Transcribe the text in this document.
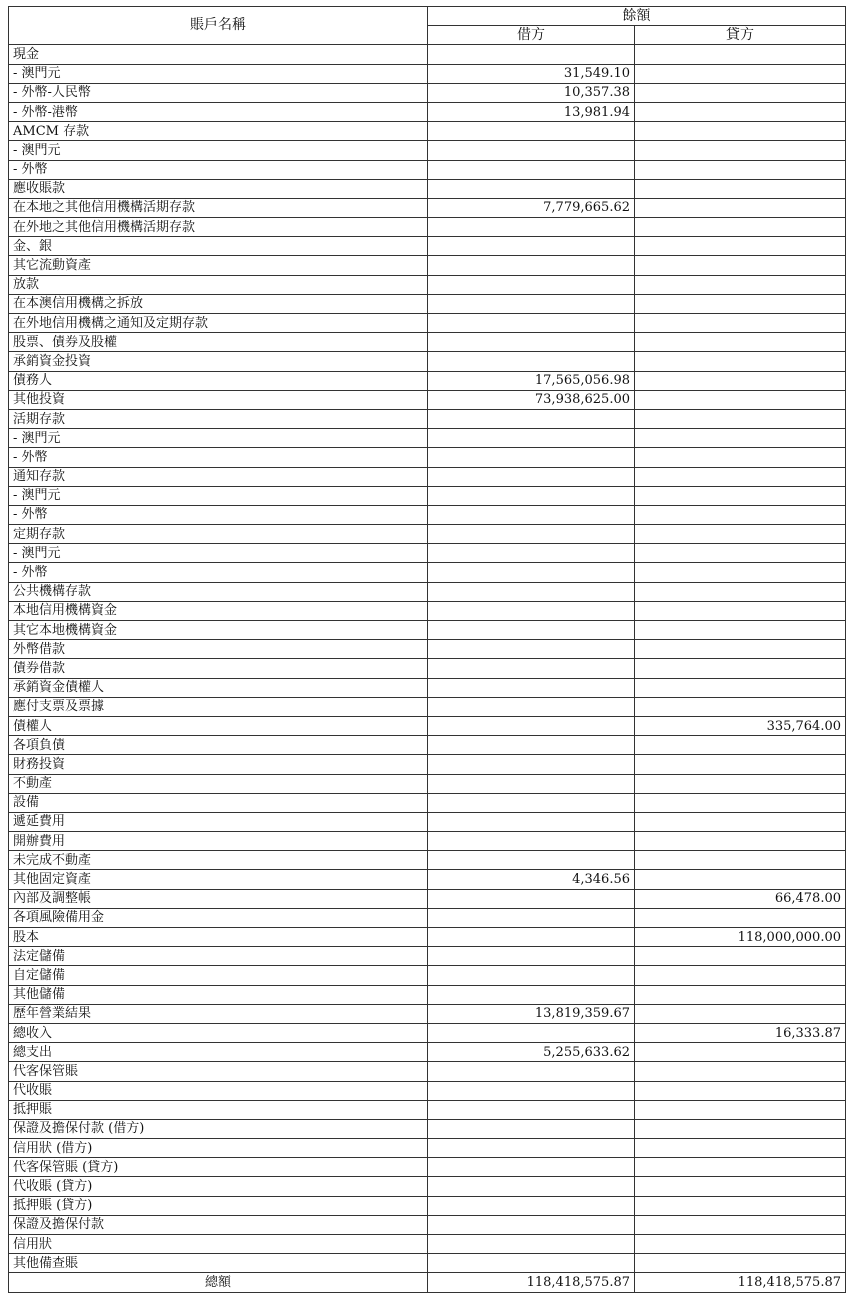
賬戶名稱	餘額	
	借方	貸方
現金		
- 澳門元	31,549.10	
- 外幣-人民幣	10,357.38	
- 外幣-港幣	13,981.94	
AMCM 存款		
- 澳門元		
- 外幣		
應收賬款		
在本地之其他信用機構活期存款	7,779,665.62	
在外地之其他信用機構活期存款		
金、銀		
其它流動資產		
放款		
在本澳信用機構之拆放		
在外地信用機構之通知及定期存款		
股票、債券及股權		
承銷資金投資		
債務人	17,565,056.98	
其他投資	73,938,625.00	
活期存款		
- 澳門元		
- 外幣		
通知存款		
- 澳門元		
- 外幣		
定期存款		
- 澳門元		
- 外幣		
公共機構存款		
本地信用機構資金		
其它本地機構資金		
外幣借款		
債券借款		
承銷資金債權人		
應付支票及票據		
債權人		335,764.00
各項負債		
財務投資		
不動產		
設備		
遞延費用		
開辦費用		
未完成不動產		
其他固定資產	4,346.56	
內部及調整帳		66,478.00
各項風險備用金		
股本		118,000,000.00
法定儲備		
自定儲備		
其他儲備		
歷年營業結果	13,819,359.67	
總收入		16,333.87
總支出	5,255,633.62	
代客保管賬		
代收賬		
抵押賬		
保證及擔保付款 (借方)		
信用狀 (借方)		
代客保管賬 (貸方)		
代收賬 (貸方)		
抵押賬 (貸方)		
保證及擔保付款		
信用狀		
其他備查賬		
總額	118,418,575.87	118,418,575.87
